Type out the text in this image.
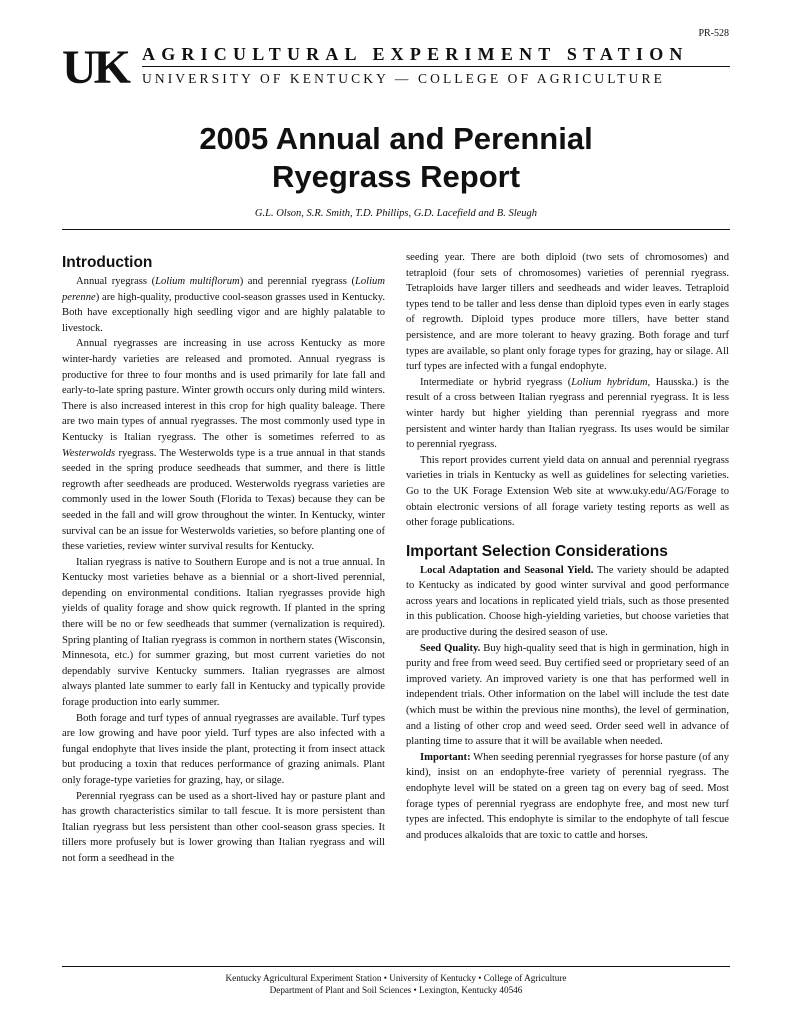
PR-528
UK AGRICULTURAL EXPERIMENT STATION
UNIVERSITY OF KENTUCKY — COLLEGE OF AGRICULTURE
2005 Annual and Perennial
Ryegrass Report
G.L. Olson, S.R. Smith, T.D. Phillips, G.D. Lacefield and B. Sleugh
Introduction

Annual ryegrass (Lolium multiflorum) and perennial ryegrass (Lolium perenne) are high-quality, productive cool-season grasses used in Kentucky. Both have exceptionally high seedling vigor and are highly palatable to livestock.

Annual ryegrasses are increasing in use across Kentucky as more winter-hardy varieties are released and promoted. Annual ryegrass is productive for three to four months and is used primarily for late fall and early-to-late spring pasture. Winter growth occurs only during mild winters. There is also increased interest in this crop for high quality baleage. There are two main types of annual ryegrasses. The most commonly used type in Kentucky is Italian ryegrass. The other is sometimes referred to as Westerwolds ryegrass. The Westerwolds type is a true annual in that stands seeded in the spring produce seedheads that summer, and there is little regrowth after seedheads are produced. Westerwolds ryegrass varieties are commonly used in the lower South (Florida to Texas) because they can be seeded in the fall and will grow throughout the winter. In Kentucky, winter survival can be an issue for Westerwolds varieties, so before planting one of these varieties, review winter survival results for Kentucky.

Italian ryegrass is native to Southern Europe and is not a true annual. In Kentucky most varieties behave as a biennial or a short-lived perennial, depending on environmental conditions. Italian ryegrasses provide high yields of quality forage and show quick regrowth. If planted in the spring there will be no or few seedheads that summer (vernalization is required). Spring planting of Italian ryegrass is common in northern states (Wisconsin, Minnesota, etc.) for summer grazing, but most current varieties do not dependably survive Kentucky summers. Italian ryegrasses are almost always planted late summer to early fall in Kentucky and typically provide forage production into early summer.

Both forage and turf types of annual ryegrasses are available. Turf types are low growing and have poor yield. Turf types are also infected with a fungal endophyte that lives inside the plant, protecting it from insect attack but producing a toxin that reduces performance of grazing animals. Plant only forage-type varieties for grazing, hay, or silage.

Perennial ryegrass can be used as a short-lived hay or pasture plant and has growth characteristics similar to tall fescue. It is more persistent than Italian ryegrass but less persistent than other cool-season grass species. It tillers more profusely but is lower growing than Italian ryegrass and will not form a seedhead in the

seeding year. There are both diploid (two sets of chromosomes) and tetraploid (four sets of chromosomes) varieties of perennial ryegrass. Tetraploids have larger tillers and seedheads and wider leaves. Tetraploid types tend to be taller and less dense than diploid types even in early stages of regrowth. Diploid types produce more tillers, have better stand persistence, and are more tolerant to heavy grazing. Both forage and turf types are available, so plant only forage types for grazing, hay or silage. All turf types are infected with a fungal endophyte.

Intermediate or hybrid ryegrass (Lolium hybridum, Hausska.) is the result of a cross between Italian ryegrass and perennial ryegrass. It is less winter hardy but higher yielding than perennial ryegrass and more persistent and winter hardy than Italian ryegrass. Its uses would be similar to perennial ryegrass.

This report provides current yield data on annual and perennial ryegrass varieties in trials in Kentucky as well as guidelines for selecting varieties. Go to the UK Forage Extension Web site at www.uky.edu/AG/Forage to obtain electronic versions of all forage variety testing reports as well as other forage publications.

Important Selection Considerations

Local Adaptation and Seasonal Yield. The variety should be adapted to Kentucky as indicated by good winter survival and good performance across years and locations in replicated yield trials, such as those presented in this publication. Choose high-yielding varieties, but choose varieties that are productive during the desired season of use.

Seed Quality. Buy high-quality seed that is high in germination, high in purity and free from weed seed. Buy certified seed or proprietary seed of an improved variety. An improved variety is one that has performed well in independent trials. Other information on the label will include the test date (which must be within the previous nine months), the level of germination, and a listing of other crop and weed seed. Order seed well in advance of planting time to assure that it will be available when needed.

Important: When seeding perennial ryegrasses for horse pasture (of any kind), insist on an endophyte-free variety of perennial ryegrass. The endophyte level will be stated on a green tag on every bag of seed. Most forage types of perennial ryegrass are endophyte free, and most new turf types are infected. This endophyte is similar to the endophyte of tall fescue and produces alkaloids that are toxic to cattle and horses.

Kentucky Agricultural Experiment Station • University of Kentucky • College of Agriculture
Department of Plant and Soil Sciences • Lexington, Kentucky 40546
